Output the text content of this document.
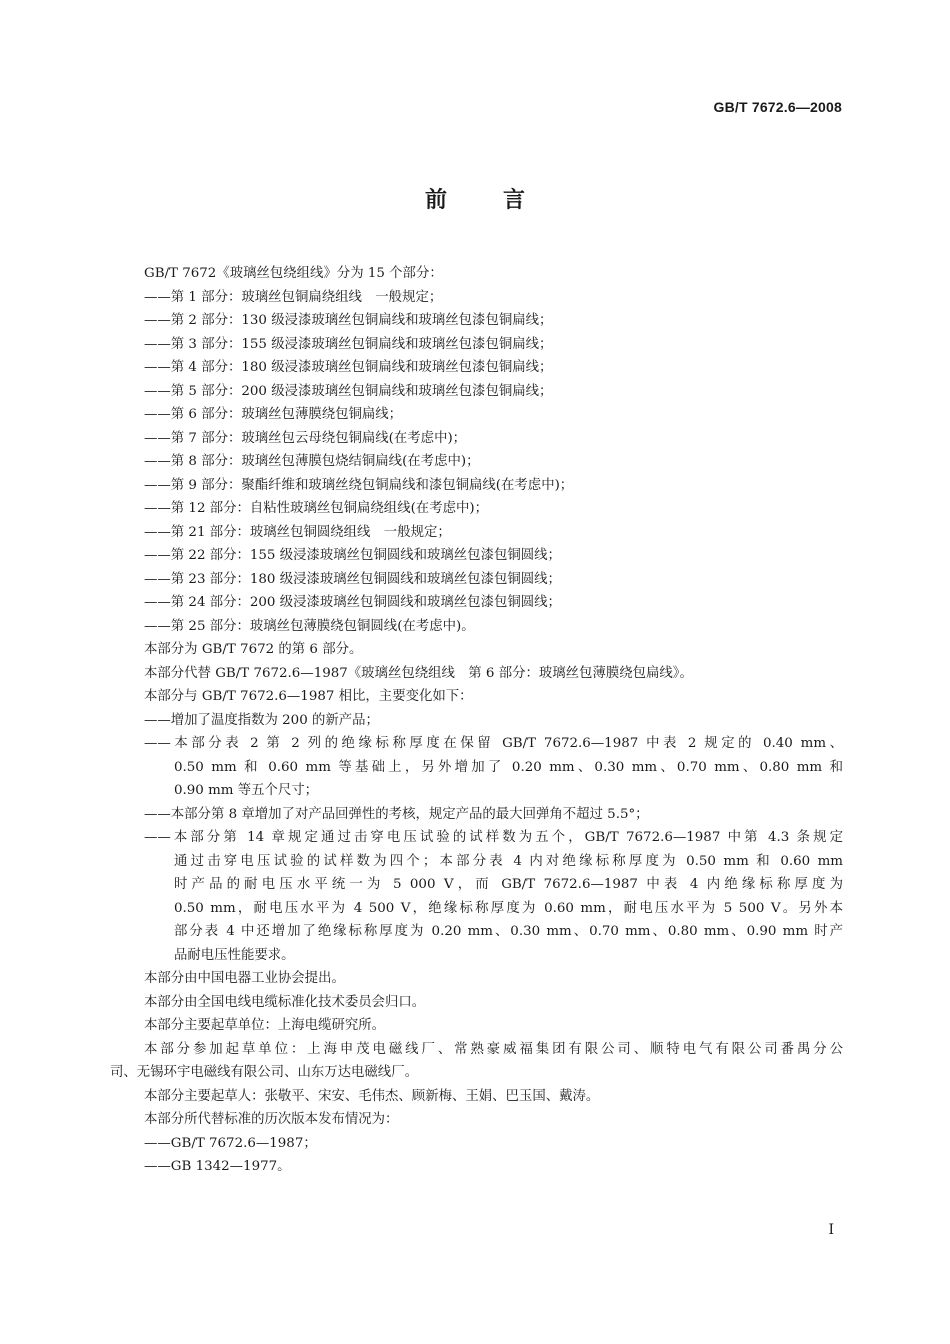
GB/T 7672.6—2008
前言
GB/T 7672《玻璃丝包绕组线》分为 15 个部分：
——第 1 部分：玻璃丝包铜扁绕组线　一般规定；
——第 2 部分：130 级浸漆玻璃丝包铜扁线和玻璃丝包漆包铜扁线；
——第 3 部分：155 级浸漆玻璃丝包铜扁线和玻璃丝包漆包铜扁线；
——第 4 部分：180 级浸漆玻璃丝包铜扁线和玻璃丝包漆包铜扁线；
——第 5 部分：200 级浸漆玻璃丝包铜扁线和玻璃丝包漆包铜扁线；
——第 6 部分：玻璃丝包薄膜绕包铜扁线；
——第 7 部分：玻璃丝包云母绕包铜扁线(在考虑中)；
——第 8 部分：玻璃丝包薄膜包烧结铜扁线(在考虑中)；
——第 9 部分：聚酯纤维和玻璃丝绕包铜扁线和漆包铜扁线(在考虑中)；
——第 12 部分：自粘性玻璃丝包铜扁绕组线(在考虑中)；
——第 21 部分：玻璃丝包铜圆绕组线　一般规定；
——第 22 部分：155 级浸漆玻璃丝包铜圆线和玻璃丝包漆包铜圆线；
——第 23 部分：180 级浸漆玻璃丝包铜圆线和玻璃丝包漆包铜圆线；
——第 24 部分：200 级浸漆玻璃丝包铜圆线和玻璃丝包漆包铜圆线；
——第 25 部分：玻璃丝包薄膜绕包铜圆线(在考虑中)。
本部分为 GB/T 7672 的第 6 部分。
本部分代替 GB/T 7672.6—1987《玻璃丝包绕组线　第 6 部分：玻璃丝包薄膜绕包扁线》。
本部分与 GB/T 7672.6—1987 相比，主要变化如下：
——增加了温度指数为 200 的新产品；
——本部分表 2 第 2 列的绝缘标称厚度在保留 GB/T 7672.6—1987 中表 2 规定的 0.40 mm、
0.50 mm 和 0.60 mm 等基础上，另外增加了 0.20 mm、0.30 mm、0.70 mm、0.80 mm 和
0.90 mm 等五个尺寸；
——本部分第 8 章增加了对产品回弹性的考核，规定产品的最大回弹角不超过 5.5°；
——本部分第 14 章规定通过击穿电压试验的试样数为五个，GB/T 7672.6—1987 中第 4.3 条规定
通过击穿电压试验的试样数为四个；本部分表 4 内对绝缘标称厚度为 0.50 mm 和 0.60 mm
时产品的耐电压水平统一为 5 000 V，而 GB/T 7672.6—1987 中表 4 内绝缘标称厚度为
0.50 mm，耐电压水平为 4 500 V，绝缘标称厚度为 0.60 mm，耐电压水平为 5 500 V。另外本
部分表 4 中还增加了绝缘标称厚度为 0.20 mm、0.30 mm、0.70 mm、0.80 mm、0.90 mm 时产
品耐电压性能要求。
本部分由中国电器工业协会提出。
本部分由全国电线电缆标准化技术委员会归口。
本部分主要起草单位：上海电缆研究所。
本部分参加起草单位：上海申茂电磁线厂、常熟豪威福集团有限公司、顺特电气有限公司番禺分公
司、无锡环宇电磁线有限公司、山东万达电磁线厂。
本部分主要起草人：张敬平、宋安、毛伟杰、顾新梅、王娟、巴玉国、戴涛。
本部分所代替标准的历次版本发布情况为：
——GB/T 7672.6—1987；
——GB 1342—1977。
I
